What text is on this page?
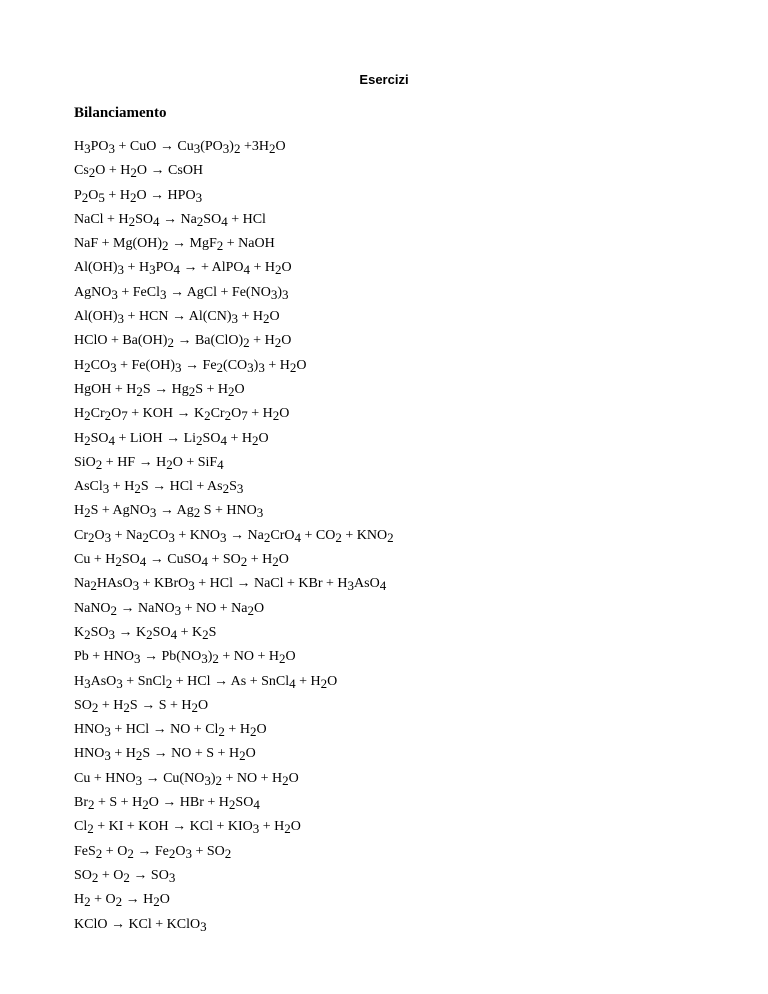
Esercizi
Bilanciamento
$H_3PO_3$ + CuO → $Cu_3(PO_3)_2 +3H_2O$
$Cs_2O + H_2O$ → CsOH
$P_2O_5 + H_2O \to HPO_3$
NaCl + $H_2SO_4 \to Na_2SO_4$ + HCl
NaF + $Mg(OH)_2 \to MgF_2$ + NaOH
$Al(OH)_3 + H_3PO_4$ → + AlPO$_4$ + $H_2O$
AgNO$_3$ + FeCl$_3$ → AgCl + $Fe(NO_3)_3$
$Al(OH)_3$ + HCN → $Al(CN)_3 + H_2O$
HClO + $Ba(OH)_2 \to Ba(ClO)_2 + H_2O$
$H_2CO_3 + Fe(OH)_3 \to Fe_2(CO_3)_3 + H_2O$
HgOH + $H_2S \to Hg_2S + H_2O$
$H_2Cr_2O_7$ + KOH → $K_2Cr_2O_7 + H_2O$
$H_2SO_4$ + LiOH → $Li_2SO_4 + H_2O$
SiO$_2$ + HF → $H_2O + SiF_4$
AsCl$_3$ + $H_2S$ → HCl + $As_2S_3$
$H_2S$ + AgNO$_3$ → $Ag_2$ $S + HNO_3$
$Cr_2O_3 + Na_2CO_3 + KNO_3 \to Na_2CrO_4 + CO_2 + KNO_2$
$Cu + H_2SO_4$ → CuSO$_4$ + $SO_2 + H_2O$
$Na_2HAsO_3$ + KBrO$_3$ + HCl → NaCl + KBr + $H_3AsO_4$
NaNO$_2$ → NaNO$_3$ + NO + $Na_2O$
$K_2SO_3 \to K_2SO_4 + K_2S$
$Pb + HNO_3 \to Pb(NO_3)_2$ + NO + $H_2O$
$H_3AsO_3$ + SnCl$_2$ + HCl → As + SnCl$_4$ + $H_2O$
$SO_2 + H_2S \to S + H_2O$
$HNO_3$ + HCl → NO + $Cl_2 + H_2O$
$HNO_3 + H_2S$ → NO + $S + H_2O$
$Cu + HNO_3 \to Cu(NO_3)_2$ + NO + $H_2O$
$Br_2 + S + H_2O$ → HBr + $H_2SO_4$
$Cl_2$ + KI + KOH → KCl + $KIO_3 + H_2O$
$FeS_2 + O_2 \to Fe_2O_3 + SO_2$
$SO_2 + O_2 \to SO_3$
$H_2 + O_2 \to H_2O$
KClO → KCl + KClO$_3$
